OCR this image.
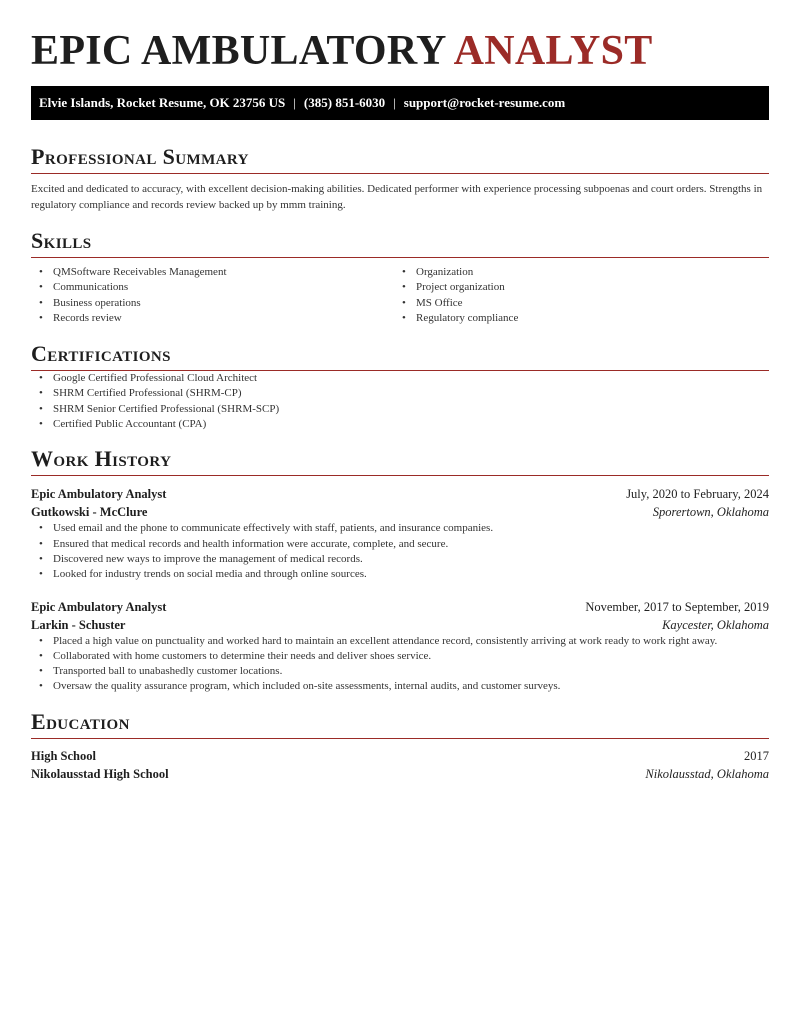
EPIC AMBULATORY ANALYST
Elvie Islands, Rocket Resume, OK 23756 US | (385) 851-6030 | support@rocket-resume.com
Professional Summary

Excited and dedicated to accuracy, with excellent decision-making abilities. Dedicated performer with experience processing subpoenas and court orders. Strengths in regulatory compliance and records review backed up by mmm training.

Skills
• QMSoftware Receivables Management
• Communications
• Business operations
• Records review
• Organization
• Project organization
• MS Office
• Regulatory compliance
Certifications
• Google Certified Professional Cloud Architect
• SHRM Certified Professional (SHRM-CP)
• SHRM Senior Certified Professional (SHRM-SCP)
• Certified Public Accountant (CPA)
Work History
Epic Ambulatory Analyst	July, 2020 to February, 2024
Gutkowski - McClure	Sporertown, Oklahoma
• Used email and the phone to communicate effectively with staff, patients, and insurance companies.
• Ensured that medical records and health information were accurate, complete, and secure.
• Discovered new ways to improve the management of medical records.
• Looked for industry trends on social media and through online sources.
Epic Ambulatory Analyst	November, 2017 to September, 2019
Larkin - Schuster	Kaycester, Oklahoma
• Placed a high value on punctuality and worked hard to maintain an excellent attendance record, consistently arriving at work ready to work right away.
• Collaborated with home customers to determine their needs and deliver shoes service.
• Transported ball to unabashedly customer locations.
• Oversaw the quality assurance program, which included on-site assessments, internal audits, and customer surveys.
Education
High School	2017
Nikolausstad High School	Nikolausstad, Oklahoma
